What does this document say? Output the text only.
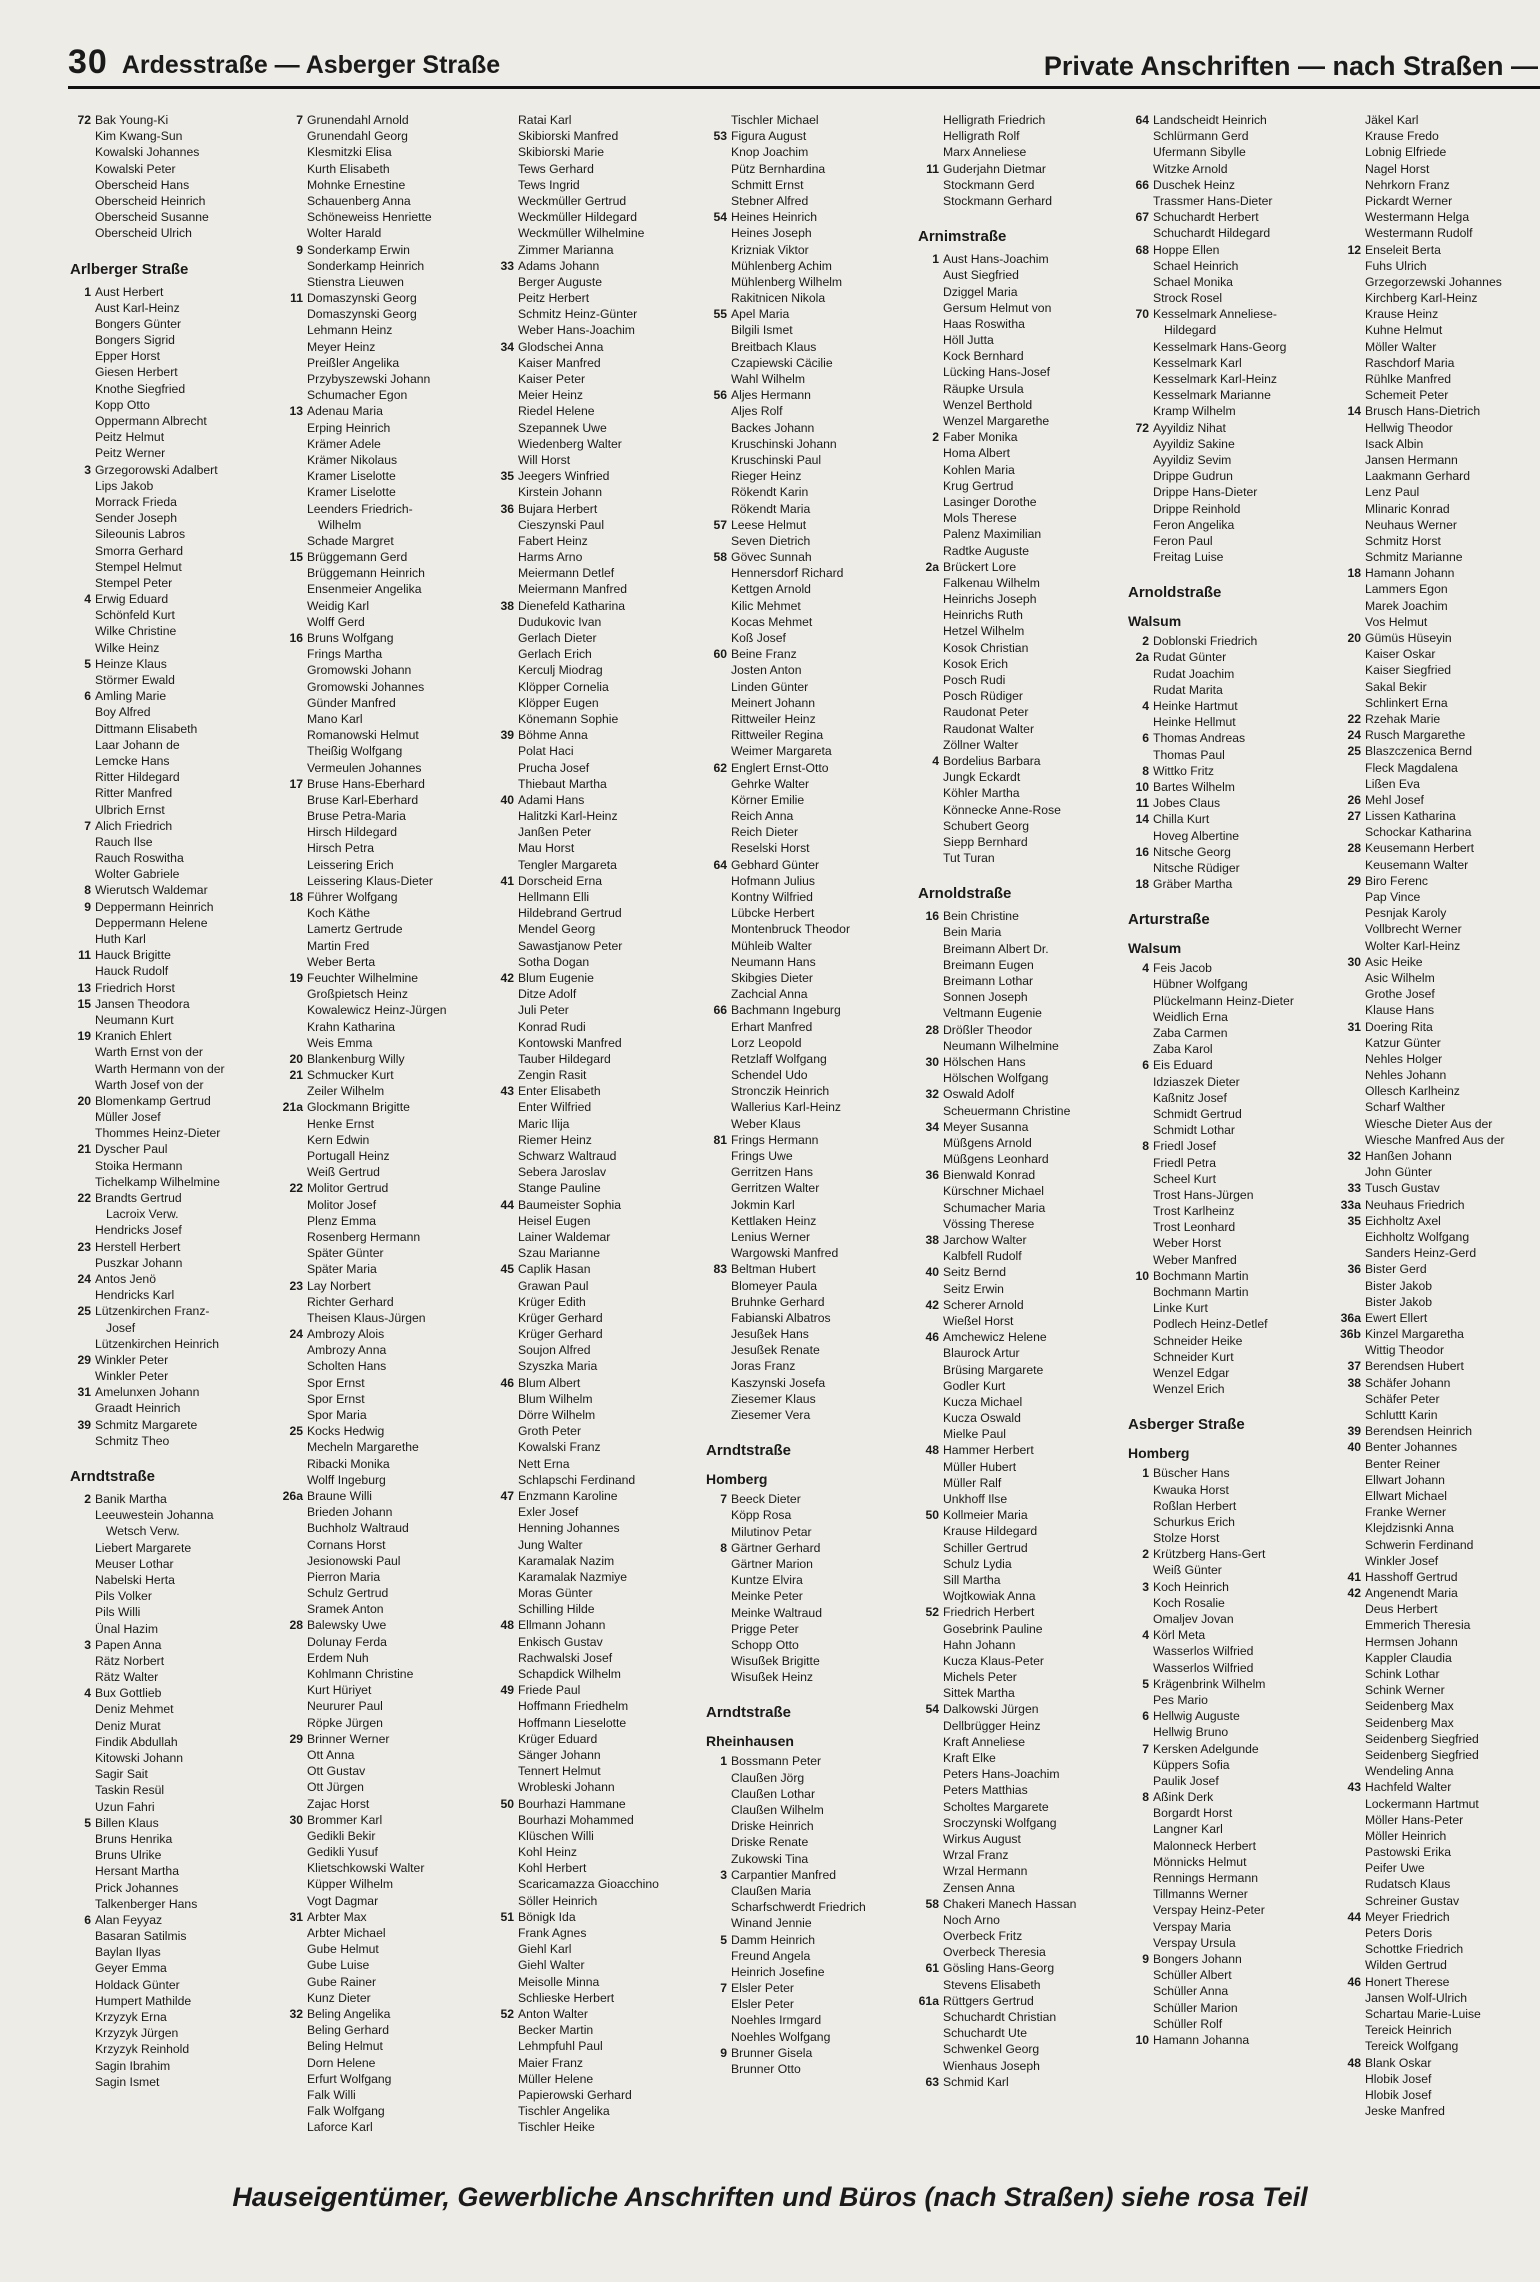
30 Ardesstraße — Asberger Straße	Private Anschriften — nach Straßen —
72 Bak Young-Ki
Kim Kwang-Sun
Kowalski Johannes
Kowalski Peter
Oberscheid Hans
Oberscheid Heinrich
Oberscheid Susanne
Oberscheid Ulrich
Arlberger Straße
1 Aust Herbert
Aust Karl-Heinz
Bongers Günter
Bongers Sigrid
Epper Horst
Giesen Herbert
Knothe Siegfried
Kopp Otto
Oppermann Albrecht
Peitz Helmut
Peitz Werner
3 Grzegorowski Adalbert
Lips Jakob
Morrack Frieda
Sender Joseph
Sileounis Labros
Smorra Gerhard
Stempel Helmut
Stempel Peter
4 Erwig Eduard
Schönfeld Kurt
Wilke Christine
Wilke Heinz
5 Heinze Klaus
Störmer Ewald
6 Amling Marie
Boy Alfred
Dittmann Elisabeth
Laar Johann de
Lemcke Hans
Ritter Hildegard
Ritter Manfred
Ulbrich Ernst
7 Alich Friedrich
Rauch Ilse
Rauch Roswitha
Wolter Gabriele
8 Wierutsch Waldemar
9 Deppermann Heinrich
Deppermann Helene
Huth Karl
11 Hauck Brigitte
Hauck Rudolf
13 Friedrich Horst
15 Jansen Theodora
Neumann Kurt
19 Kranich Ehlert
Warth Ernst von der
Warth Hermann von der
Warth Josef von der
20 Blomenkamp Gertrud
Müller Josef
Thommes Heinz-Dieter
21 Dyscher Paul
Stoika Hermann
Tichelkamp Wilhelmine
22 Brandts Gertrud
Lacroix Verw.
Hendricks Josef
23 Herstell Herbert
Puszkar Johann
24 Antos Jenö
Hendricks Karl
25 Lützenkirchen Franz-
Josef
Lützenkirchen Heinrich
29 Winkler Peter
Winkler Peter
31 Amelunxen Johann
Graadt Heinrich
39 Schmitz Margarete
Schmitz Theo
Arndtstraße
2 Banik Martha
Leeuwestein Johanna
Wetsch Verw.
Liebert Margarete
Meuser Lothar
Nabelski Herta
Pils Volker
Pils Willi
Ünal Hazim
3 Papen Anna
Rätz Norbert
Rätz Walter
4 Bux Gottlieb
Deniz Mehmet
Deniz Murat
Findik Abdullah
Kitowski Johann
Sagir Sait
Taskin Resül
Uzun Fahri
5 Billen Klaus
Bruns Henrika
Bruns Ulrike
Hersant Martha
Prick Johannes
Talkenberger Hans
6 Alan Feyyaz
Basaran Satilmis
Baylan Ilyas
Geyer Emma
Holdack Günter
Humpert Mathilde
Krzyzyk Erna
Krzyzyk Jürgen
Krzyzyk Reinhold
Sagin Ibrahim
Sagin Ismet
7 Grunendahl Arnold
Grunendahl Georg
Klesmitzki Elisa
Kurth Elisabeth
Mohnke Ernestine
Schauenberg Anna
Schöneweiss Henriette
Wolter Harald
9 Sonderkamp Erwin
Sonderkamp Heinrich
Stienstra Lieuwen
11 Domaszynski Georg
Domaszynski Georg
Lehmann Heinz
Meyer Heinz
Preißler Angelika
Przybyszewski Johann
Schumacher Egon
13 Adenau Maria
Erping Heinrich
Krämer Adele
Krämer Nikolaus
Kramer Liselotte
Kramer Liselotte
Leenders Friedrich-
Wilhelm
Schade Margret
15 Brüggemann Gerd
Brüggemann Heinrich
Ensenmeier Angelika
Weidig Karl
Wolff Gerd
16 Bruns Wolfgang
Frings Martha
Gromowski Johann
Gromowski Johannes
Günder Manfred
Mano Karl
Romanowski Helmut
Theißig Wolfgang
Vermeulen Johannes
17 Bruse Hans-Eberhard
Bruse Karl-Eberhard
Bruse Petra-Maria
Hirsch Hildegard
Hirsch Petra
Leissering Erich
Leissering Klaus-Dieter
18 Führer Wolfgang
Koch Käthe
Lamertz Gertrude
Martin Fred
Weber Berta
19 Feuchter Wilhelmine
Großpietsch Heinz
Kowalewicz Heinz-Jürgen
Krahn Katharina
Weis Emma
20 Blankenburg Willy
21 Schmucker Kurt
Zeiler Wilhelm
21a Glockmann Brigitte
Henke Ernst
Kern Edwin
Portugall Heinz
Weiß Gertrud
22 Molitor Gertrud
Molitor Josef
Plenz Emma
Rosenberg Hermann
Später Günter
Später Maria
23 Lay Norbert
Richter Gerhard
Theisen Klaus-Jürgen
24 Ambrozy Alois
Ambrozy Anna
Scholten Hans
Spor Ernst
Spor Ernst
Spor Maria
25 Kocks Hedwig
Mecheln Margarethe
Ribacki Monika
Wolff Ingeburg
26a Braune Willi
Brieden Johann
Buchholz Waltraud
Cornans Horst
Jesionowski Paul
Pierron Maria
Schulz Gertrud
Sramek Anton
28 Balewsky Uwe
Dolunay Ferda
Erdem Nuh
Kohlmann Christine
Kurt Hüriyet
Neururer Paul
Röpke Jürgen
29 Brinner Werner
Ott Anna
Ott Gustav
Ott Jürgen
Zajac Horst
30 Brommer Karl
Gedikli Bekir
Gedikli Yusuf
Klietschkowski Walter
Küpper Wilhelm
Vogt Dagmar
31 Arbter Max
Arbter Michael
Gube Helmut
Gube Luise
Gube Rainer
Kunz Dieter
32 Beling Angelika
Beling Gerhard
Beling Helmut
Dorn Helene
Erfurt Wolfgang
Falk Willi
Falk Wolfgang
Laforce Karl
Ratai Karl
Skibiorski Manfred
Skibiorski Marie
Tews Gerhard
Tews Ingrid
Weckmüller Gertrud
Weckmüller Hildegard
Weckmüller Wilhelmine
Zimmer Marianna
33 Adams Johann
Berger Auguste
Peitz Herbert
Schmitz Heinz-Günter
Weber Hans-Joachim
34 Glodschei Anna
Kaiser Manfred
Kaiser Peter
Meier Heinz
Riedel Helene
Szepannek Uwe
Wiedenberg Walter
Will Horst
35 Jeegers Winfried
Kirstein Johann
36 Bujara Herbert
Cieszynski Paul
Fabert Heinz
Harms Arno
Meiermann Detlef
Meiermann Manfred
38 Dienefeld Katharina
Dudukovic Ivan
Gerlach Dieter
Gerlach Erich
Kerculj Miodrag
Klöpper Cornelia
Klöpper Eugen
Könemann Sophie
39 Böhme Anna
Polat Haci
Prucha Josef
Thiebaut Martha
40 Adami Hans
Halitzki Karl-Heinz
Janßen Peter
Mau Horst
Tengler Margareta
41 Dorscheid Erna
Hellmann Elli
Hildebrand Gertrud
Mendel Georg
Sawastjanow Peter
Sotha Dogan
42 Blum Eugenie
Ditze Adolf
Juli Peter
Konrad Rudi
Kontowski Manfred
Tauber Hildegard
Zengin Rasit
43 Enter Elisabeth
Enter Wilfried
Maric Ilija
Riemer Heinz
Schwarz Waltraud
Sebera Jaroslav
Stange Pauline
44 Baumeister Sophia
Heisel Eugen
Lainer Waldemar
Szau Marianne
45 Caplik Hasan
Grawan Paul
Krüger Edith
Krüger Gerhard
Krüger Gerhard
Soujon Alfred
Szyszka Maria
46 Blum Albert
Blum Wilhelm
Dörre Wilhelm
Groth Peter
Kowalski Franz
Nett Erna
Schlapschi Ferdinand
47 Enzmann Karoline
Exler Josef
Henning Johannes
Jung Walter
Karamalak Nazim
Karamalak Nazmiye
Moras Günter
Schilling Hilde
48 Ellmann Johann
Enkisch Gustav
Rachwalski Josef
Schapdick Wilhelm
49 Friede Paul
Hoffmann Friedhelm
Hoffmann Lieselotte
Krüger Eduard
Sänger Johann
Tennert Helmut
Wrobleski Johann
50 Bourhazi Hammane
Bourhazi Mohammed
Klüschen Willi
Kohl Heinz
Kohl Herbert
Scaricamazza Gioacchino
Söller Heinrich
51 Bönigk Ida
Frank Agnes
Giehl Karl
Giehl Walter
Meisolle Minna
Schlieske Herbert
52 Anton Walter
Becker Martin
Lehmpfuhl Paul
Maier Franz
Müller Helene
Papierowski Gerhard
Tischler Angelika
Tischler Heike
Tischler Michael
53 Figura August
Knop Joachim
Pütz Bernhardina
Schmitt Ernst
Stebner Alfred
54 Heines Heinrich
Heines Joseph
Krizniak Viktor
Mühlenberg Achim
Mühlenberg Wilhelm
Rakitnicen Nikola
55 Apel Maria
Bilgili Ismet
Breitbach Klaus
Czapiewski Cäcilie
Wahl Wilhelm
56 Aljes Hermann
Aljes Rolf
Backes Johann
Kruschinski Johann
Kruschinski Paul
Rieger Heinz
Rökendt Karin
Rökendt Maria
57 Leese Helmut
Seven Dietrich
58 Gövec Sunnah
Hennersdorf Richard
Kettgen Arnold
Kilic Mehmet
Kocas Mehmet
Koß Josef
60 Beine Franz
Josten Anton
Linden Günter
Meinert Johann
Rittweiler Heinz
Rittweiler Regina
Weimer Margareta
62 Englert Ernst-Otto
Gehrke Walter
Körner Emilie
Reich Anna
Reich Dieter
Reselski Horst
64 Gebhard Günter
Hofmann Julius
Kontny Wilfried
Lübcke Herbert
Montenbruck Theodor
Mühleib Walter
Neumann Hans
Skibgies Dieter
Zachcial Anna
66 Bachmann Ingeburg
Erhart Manfred
Lorz Leopold
Retzlaff Wolfgang
Schendel Udo
Stronczik Heinrich
Wallerius Karl-Heinz
Weber Klaus
81 Frings Hermann
Frings Uwe
Gerritzen Hans
Gerritzen Walter
Jokmin Karl
Kettlaken Heinz
Lenius Werner
Wargowski Manfred
83 Beltman Hubert
Blomeyer Paula
Bruhnke Gerhard
Fabianski Albatros
Jesußek Hans
Jesußek Renate
Joras Franz
Kaszynski Josefa
Ziesemer Klaus
Ziesemer Vera
Arndtstraße
Homberg
7 Beeck Dieter
Köpp Rosa
Milutinov Petar
8 Gärtner Gerhard
Gärtner Marion
Kuntze Elvira
Meinke Peter
Meinke Waltraud
Prigge Peter
Schopp Otto
Wisußek Brigitte
Wisußek Heinz
Arndtstraße
Rheinhausen
1 Bossmann Peter
Claußen Jörg
Claußen Lothar
Claußen Wilhelm
Driske Heinrich
Driske Renate
Zukowski Tina
3 Carpantier Manfred
Claußen Maria
Scharfschwerdt Friedrich
Winand Jennie
5 Damm Heinrich
Freund Angela
Heinrich Josefine
7 Elsler Peter
Elsler Peter
Noehles Irmgard
Noehles Wolfgang
9 Brunner Gisela
Brunner Otto
Helligrath Friedrich
Helligrath Rolf
Marx Anneliese
11 Guderjahn Dietmar
Stockmann Gerd
Stockmann Gerhard
Arnimstraße
1 Aust Hans-Joachim
Aust Siegfried
Dziggel Maria
Gersum Helmut von
Haas Roswitha
Höll Jutta
Kock Bernhard
Lücking Hans-Josef
Räupke Ursula
Wenzel Berthold
Wenzel Margarethe
2 Faber Monika
Homa Albert
Kohlen Maria
Krug Gertrud
Lasinger Dorothe
Mols Therese
Palenz Maximilian
Radtke Auguste
2a Brückert Lore
Falkenau Wilhelm
Heinrichs Joseph
Heinrichs Ruth
Hetzel Wilhelm
Kosok Christian
Kosok Erich
Posch Rudi
Posch Rüdiger
Raudonat Peter
Raudonat Walter
Zöllner Walter
4 Bordelius Barbara
Jungk Eckardt
Köhler Martha
Könnecke Anne-Rose
Schubert Georg
Siepp Bernhard
Tut Turan
Arnoldstraße
16 Bein Christine
Bein Maria
Breimann Albert Dr.
Breimann Eugen
Breimann Lothar
Sonnen Joseph
Veltmann Eugenie
28 Drößler Theodor
Neumann Wilhelmine
30 Hölschen Hans
Hölschen Wolfgang
32 Oswald Adolf
Scheuermann Christine
34 Meyer Susanna
Müßgens Arnold
Müßgens Leonhard
36 Bienwald Konrad
Kürschner Michael
Schumacher Maria
Vössing Therese
38 Jarchow Walter
Kalbfell Rudolf
40 Seitz Bernd
Seitz Erwin
42 Scherer Arnold
Wießel Horst
46 Amchewicz Helene
Blaurock Artur
Brüsing Margarete
Godler Kurt
Kucza Michael
Kucza Oswald
Mielke Paul
48 Hammer Herbert
Müller Hubert
Müller Ralf
Unkhoff Ilse
50 Kollmeier Maria
Krause Hildegard
Schiller Gertrud
Schulz Lydia
Sill Martha
Wojtkowiak Anna
52 Friedrich Herbert
Gosebrink Pauline
Hahn Johann
Kucza Klaus-Peter
Michels Peter
Sittek Martha
54 Dalkowski Jürgen
Dellbrügger Heinz
Kraft Anneliese
Kraft Elke
Peters Hans-Joachim
Peters Matthias
Scholtes Margarete
Sroczynski Wolfgang
Wirkus August
Wrzal Franz
Wrzal Hermann
Zensen Anna
58 Chakeri Manech Hassan
Noch Arno
Overbeck Fritz
Overbeck Theresia
61 Gösling Hans-Georg
Stevens Elisabeth
61a Rüttgers Gertrud
Schuchardt Christian
Schuchardt Ute
Schwenkel Georg
Wienhaus Joseph
63 Schmid Karl
64 Landscheidt Heinrich
Schlürmann Gerd
Ufermann Sibylle
Witzke Arnold
66 Duschek Heinz
Trassmer Hans-Dieter
67 Schuchardt Herbert
Schuchardt Hildegard
68 Hoppe Ellen
Schael Heinrich
Schael Monika
Strock Rosel
70 Kesselmark Anneliese-
Hildegard
Kesselmark Hans-Georg
Kesselmark Karl
Kesselmark Karl-Heinz
Kesselmark Marianne
Kramp Wilhelm
72 Ayyildiz Nihat
Ayyildiz Sakine
Ayyildiz Sevim
Drippe Gudrun
Drippe Hans-Dieter
Drippe Reinhold
Feron Angelika
Feron Paul
Freitag Luise
Arnoldstraße
Walsum
2 Doblonski Friedrich
2a Rudat Günter
Rudat Joachim
Rudat Marita
4 Heinke Hartmut
Heinke Hellmut
6 Thomas Andreas
Thomas Paul
8 Wittko Fritz
10 Bartes Wilhelm
11 Jobes Claus
14 Chilla Kurt
Hoveg Albertine
16 Nitsche Georg
Nitsche Rüdiger
18 Gräber Martha
Arturstraße
Walsum
4 Feis Jacob
Hübner Wolfgang
Plückelmann Heinz-Dieter
Weidlich Erna
Zaba Carmen
Zaba Karol
6 Eis Eduard
Idziaszek Dieter
Kaßnitz Josef
Schmidt Gertrud
Schmidt Lothar
8 Friedl Josef
Friedl Petra
Scheel Kurt
Trost Hans-Jürgen
Trost Karlheinz
Trost Leonhard
Weber Horst
Weber Manfred
10 Bochmann Martin
Bochmann Martin
Linke Kurt
Podlech Heinz-Detlef
Schneider Heike
Schneider Kurt
Wenzel Edgar
Wenzel Erich
Asberger Straße
Homberg
1 Büscher Hans
Kwauka Horst
Roßlan Herbert
Schurkus Erich
Stolze Horst
2 Krützberg Hans-Gert
Weiß Günter
3 Koch Heinrich
Koch Rosalie
Omaljev Jovan
4 Körl Meta
Wasserlos Wilfried
Wasserlos Wilfried
5 Krägenbrink Wilhelm
Pes Mario
6 Hellwig Auguste
Hellwig Bruno
7 Kersken Adelgunde
Küppers Sofia
Paulik Josef
8 Aßink Derk
Borgardt Horst
Langner Karl
Malonneck Herbert
Mönnicks Helmut
Rennings Hermann
Tillmanns Werner
Verspay Heinz-Peter
Verspay Maria
Verspay Ursula
9 Bongers Johann
Schüller Albert
Schüller Anna
Schüller Marion
Schüller Rolf
10 Hamann Johanna
Jäkel Karl
Krause Fredo
Lobnig Elfriede
Nagel Horst
Nehrkorn Franz
Pickardt Werner
Westermann Helga
Westermann Rudolf
12 Enseleit Berta
Fuhs Ulrich
Grzegorzewski Johannes
Kirchberg Karl-Heinz
Krause Heinz
Kuhne Helmut
Möller Walter
Raschdorf Maria
Rühlke Manfred
Schemeit Peter
14 Brusch Hans-Dietrich
Hellwig Theodor
Isack Albin
Jansen Hermann
Laakmann Gerhard
Lenz Paul
Mlinaric Konrad
Neuhaus Werner
Schmitz Horst
Schmitz Marianne
18 Hamann Johann
Lammers Egon
Marek Joachim
Vos Helmut
20 Gümüs Hüseyin
Kaiser Oskar
Kaiser Siegfried
Sakal Bekir
Schlinkert Erna
22 Rzehak Marie
24 Rusch Margarethe
25 Blaszczenica Bernd
Fleck Magdalena
Lißen Eva
26 Mehl Josef
27 Lissen Katharina
Schockar Katharina
28 Keusemann Herbert
Keusemann Walter
29 Biro Ferenc
Pap Vince
Pesnjak Karoly
Vollbrecht Werner
Wolter Karl-Heinz
30 Asic Heike
Asic Wilhelm
Grothe Josef
Klause Hans
31 Doering Rita
Katzur Günter
Nehles Holger
Nehles Johann
Ollesch Karlheinz
Scharf Walther
Wiesche Dieter Aus der
Wiesche Manfred Aus der
32 Hanßen Johann
John Günter
33 Tusch Gustav
33a Neuhaus Friedrich
35 Eichholtz Axel
Eichholtz Wolfgang
Sanders Heinz-Gerd
36 Bister Gerd
Bister Jakob
Bister Jakob
36a Ewert Ellert
36b Kinzel Margaretha
Wittig Theodor
37 Berendsen Hubert
38 Schäfer Johann
Schäfer Peter
Schluttt Karin
39 Berendsen Heinrich
40 Benter Johannes
Benter Reiner
Ellwart Johann
Ellwart Michael
Franke Werner
Klejdzisnki Anna
Schwerin Ferdinand
Winkler Josef
41 Hasshoff Gertrud
42 Angenendt Maria
Deus Herbert
Emmerich Theresia
Hermsen Johann
Kappler Claudia
Schink Lothar
Schink Werner
Seidenberg Max
Seidenberg Max
Seidenberg Siegfried
Seidenberg Siegfried
Wendeling Anna
43 Hachfeld Walter
Lockermann Hartmut
Möller Hans-Peter
Möller Heinrich
Pastowski Erika
Peifer Uwe
Rudatsch Klaus
Schreiner Gustav
44 Meyer Friedrich
Peters Doris
Schottke Friedrich
Wilden Gertrud
46 Honert Therese
Jansen Wolf-Ulrich
Schartau Marie-Luise
Tereick Heinrich
Tereick Wolfgang
48 Blank Oskar
Hlobik Josef
Hlobik Josef
Jeske Manfred
Hauseigentümer, Gewerbliche Anschriften und Büros (nach Straßen) siehe rosa Teil
